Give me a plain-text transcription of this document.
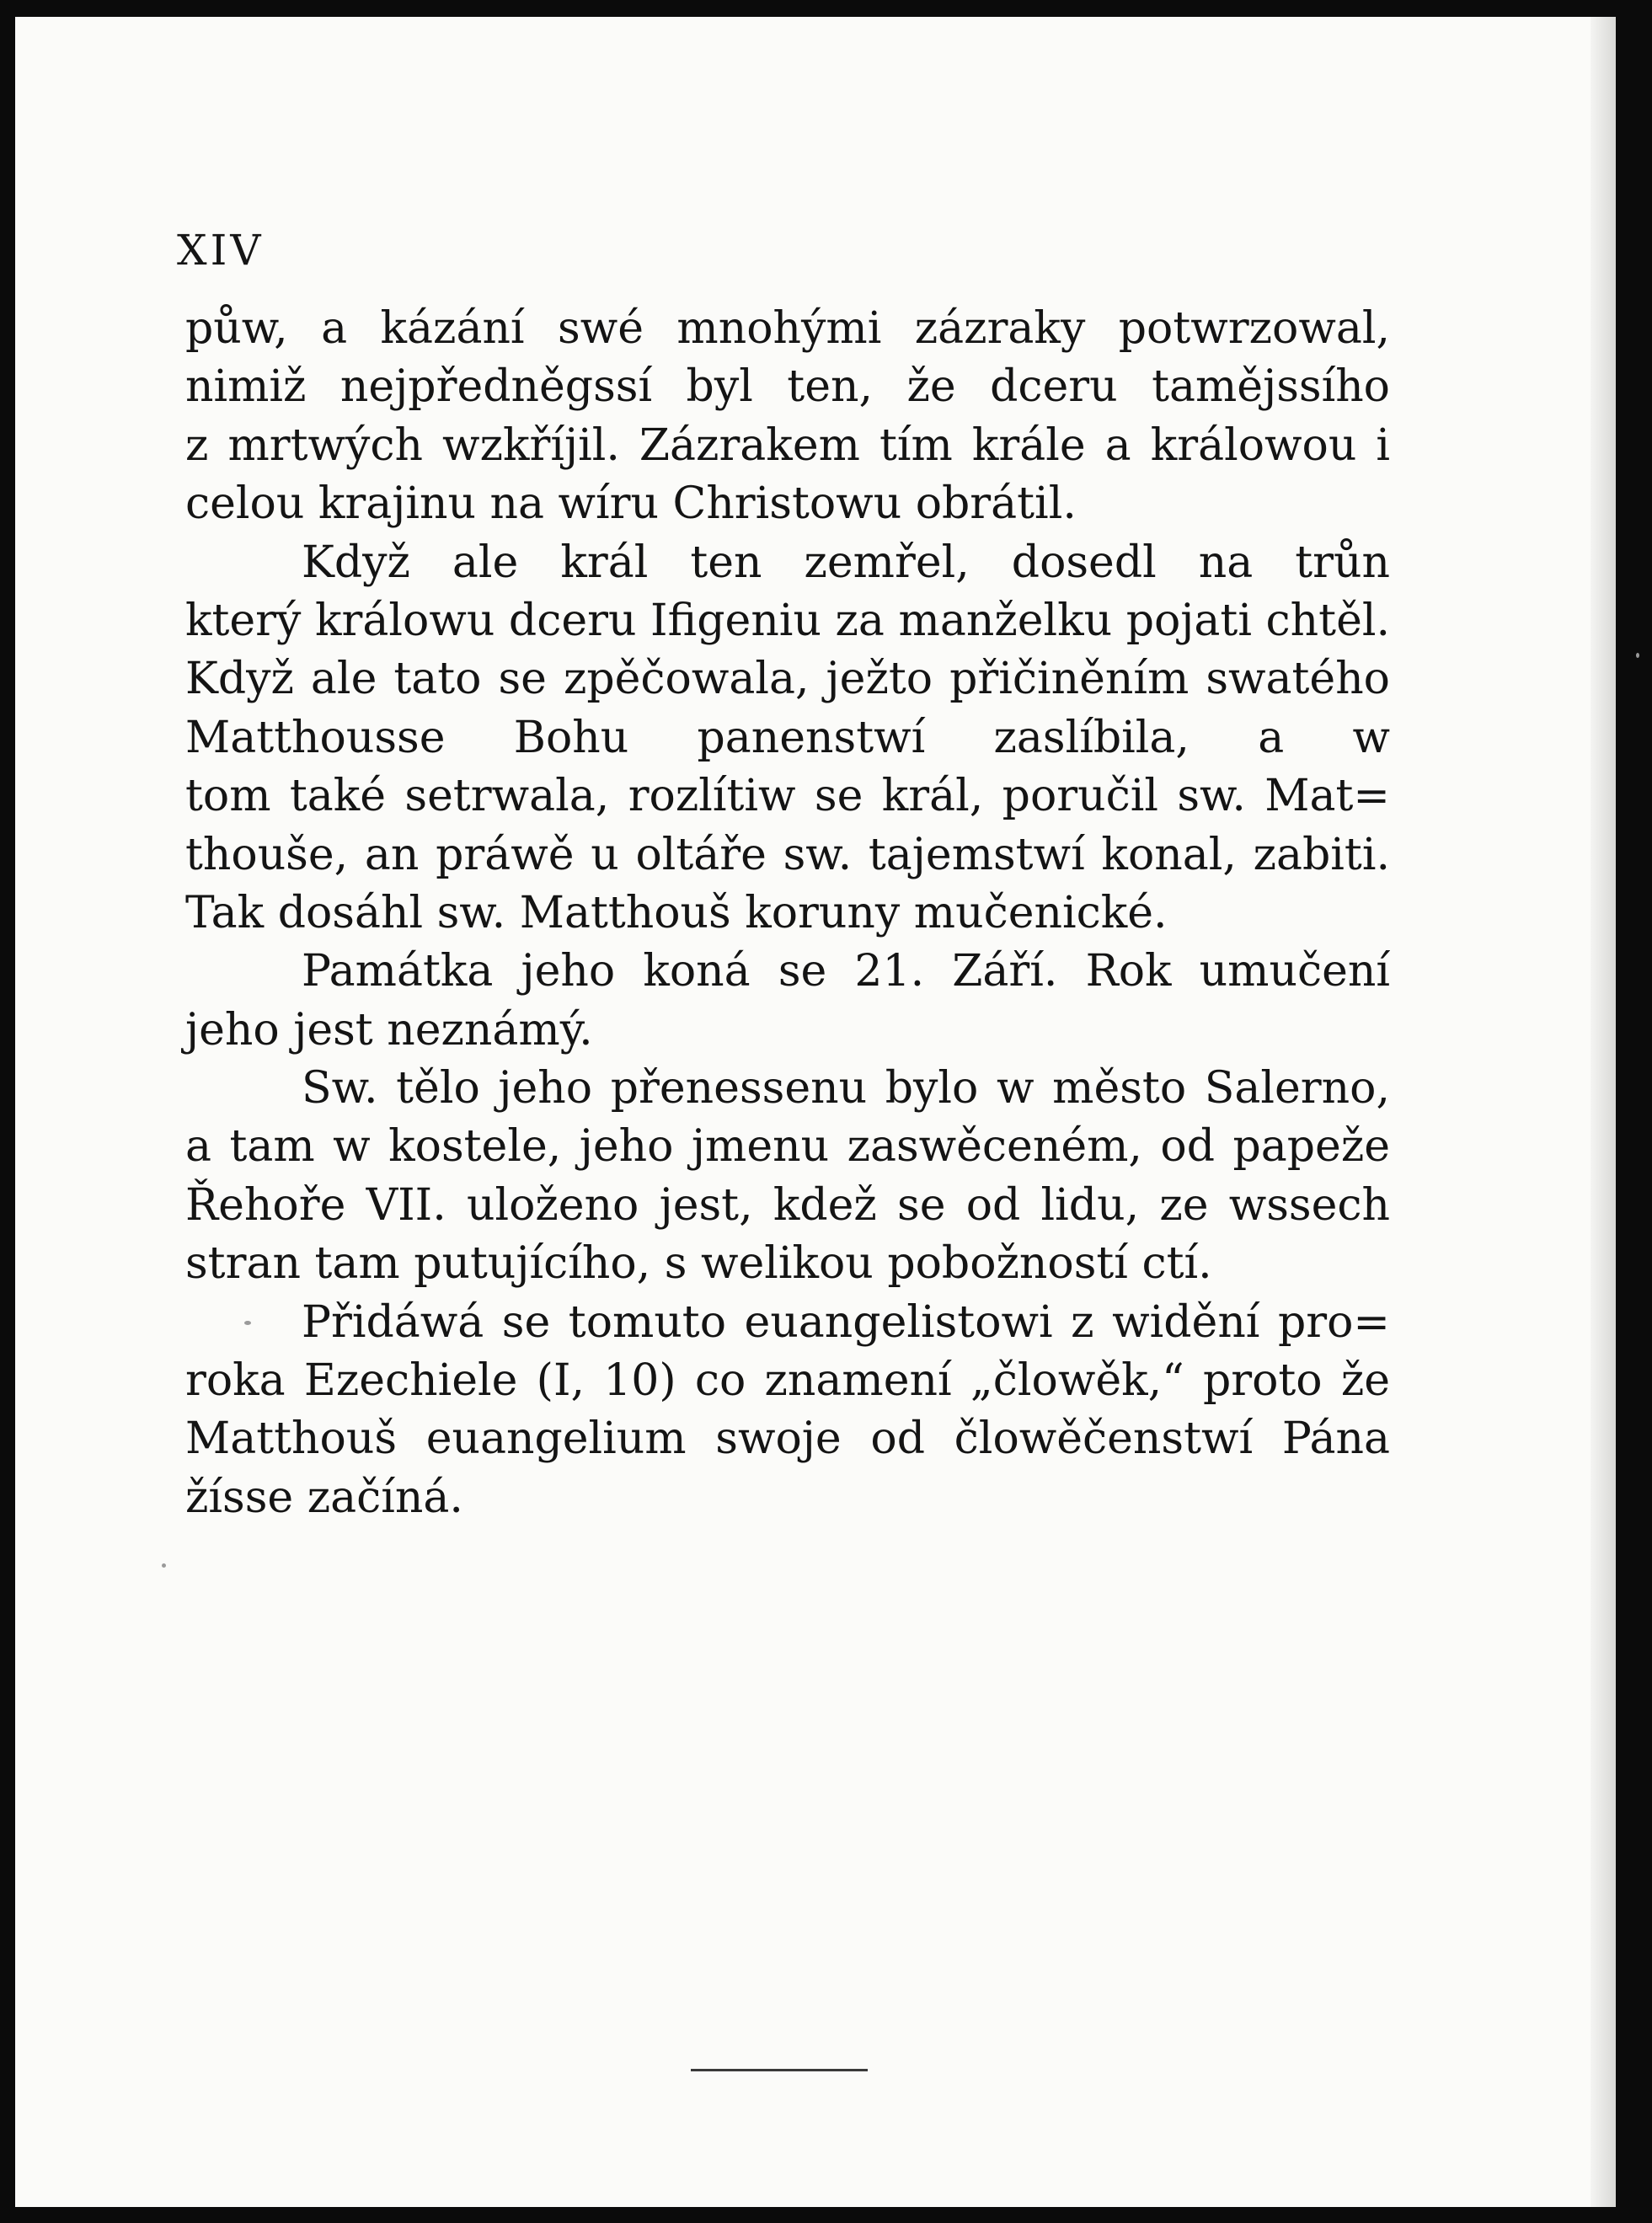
XIV
půw, a kázání swé mnohými zázraky potwrzowal,
nimiž nejpředněgssí byl ten, že dceru tamějssího
z mrtwých wzkříjil. Zázrakem tím krále a králowou i
celou krajinu na wíru Christowu obrátil.
Když ale král ten zemřel, dosedl na trůn
který králowu dceru Ifigeniu za manželku pojati chtěl.
Když ale tato se zpěčowala, ježto přičiněním swatého
Matthousse Bohu panenstwí zaslíbila, a w
tom také setrwala, rozlítiw se král, poručil sw. Mat=
thouše, an práwě u oltáře sw. tajemstwí konal, zabiti.
Tak dosáhl sw. Matthouš koruny mučenické.
Památka jeho koná se 21. Září. Rok umučení
jeho jest neznámý.
Sw. tělo jeho přenessenu bylo w město Salerno,
a tam w kostele, jeho jmenu zaswěceném, od papeže
Řehoře VII. uloženo jest, kdež se od lidu, ze wssech
stran tam putujícího, s welikou pobožností ctí.
Přidáwá se tomuto euangelistowi z widění pro=
roka Ezechiele (I, 10) co znamení „člowěk,“ proto že
Matthouš euangelium swoje od člowěčenstwí Pána
žísse začíná.
